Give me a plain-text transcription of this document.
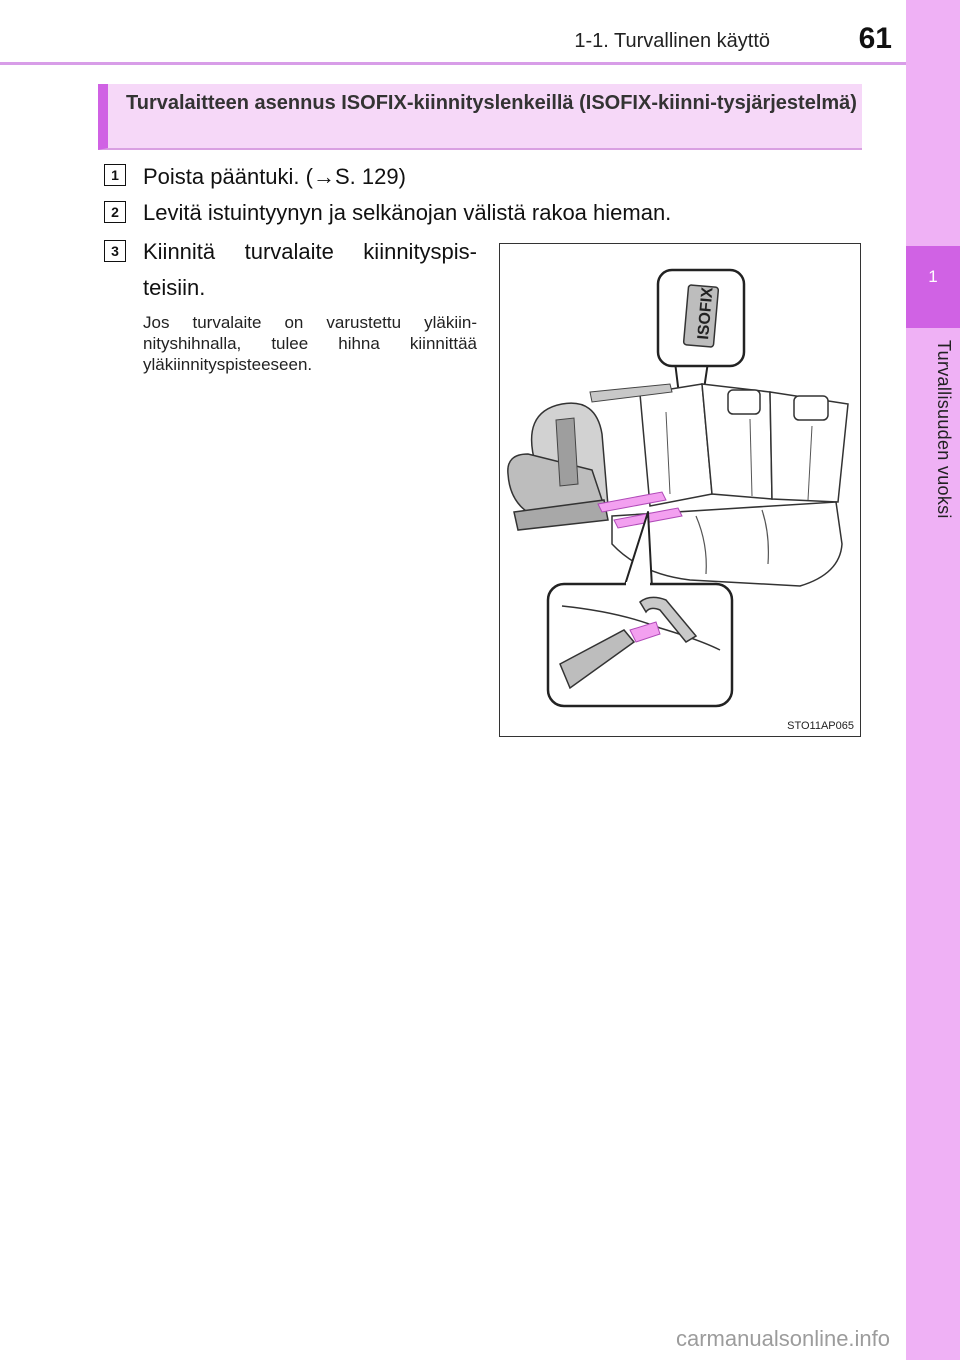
1-1. Turvallinen käyttö	61
1
Turvallisuuden vuoksi
Turvalaitteen asennus ISOFIX-kiinnityslenkeillä (ISOFIX-kiinni-tysjärjestelmä)
1	Poista pääntuki. (→S. 129)
2	Levitä istuintyynyn ja selkänojan välistä rakoa hieman.
3	Kiinnitä turvalaite kiinnityspis-teisiin.
Jos turvalaite on varustettu yläkiin-nityshihnalla, tulee hihna kiinnittää yläkiinnityspisteeseen.
ISOFIX
STO11AP065
carmanualsonline.info
